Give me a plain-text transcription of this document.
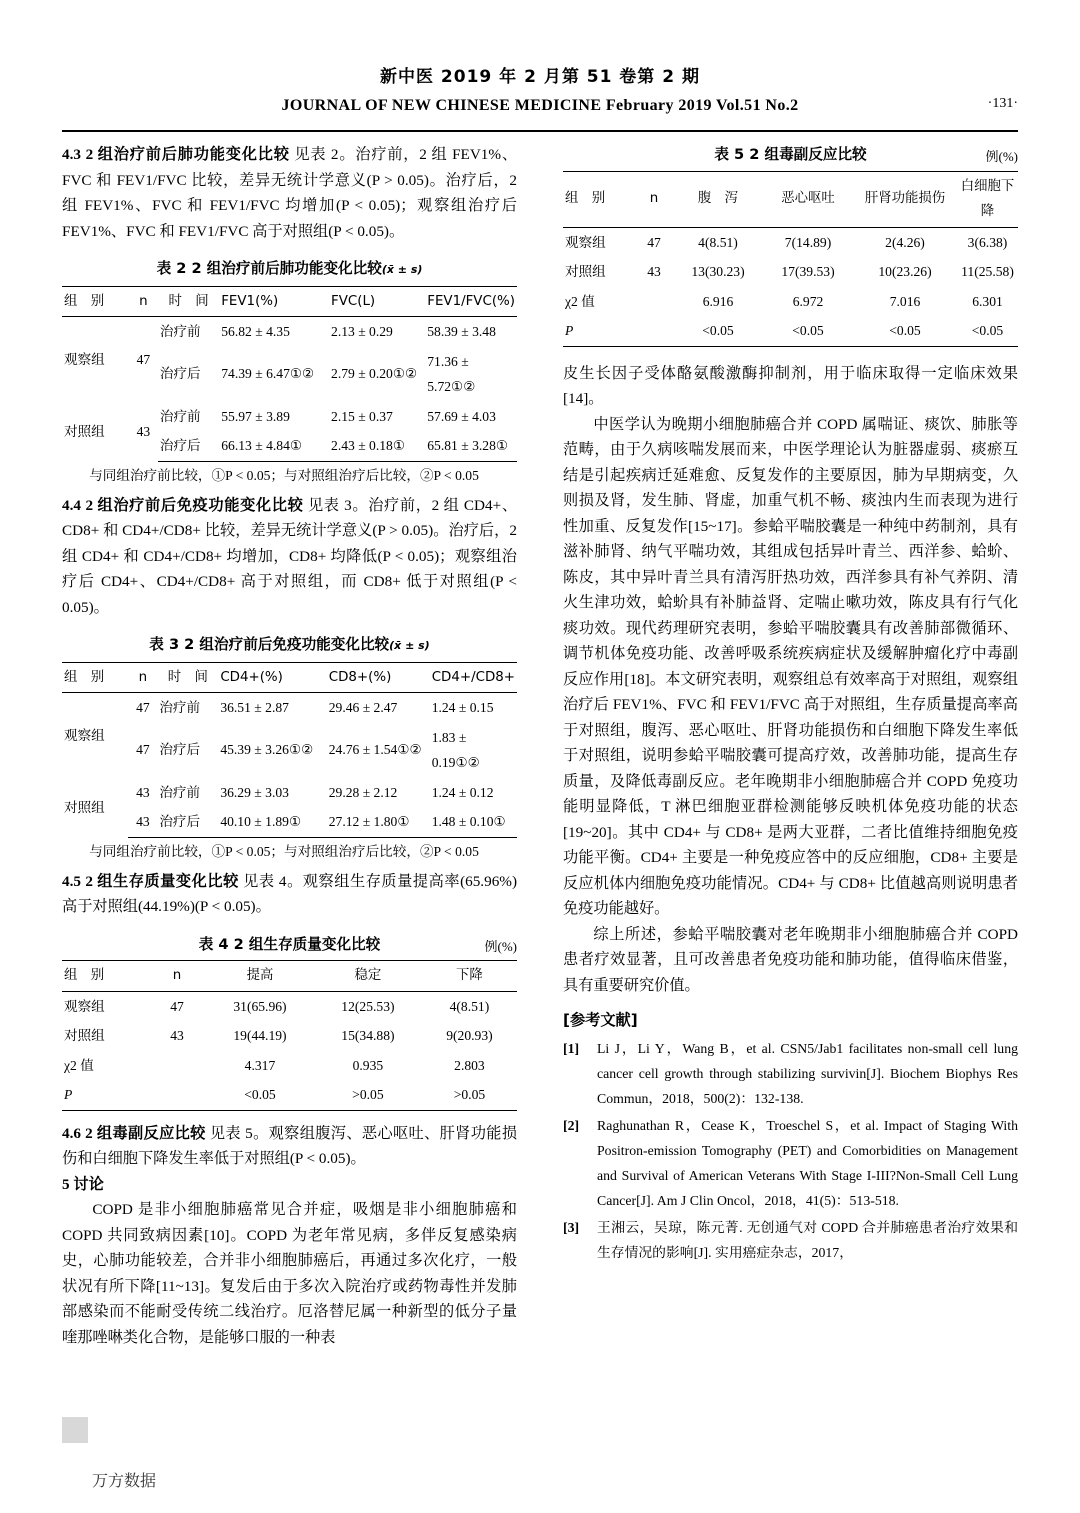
新中医 2019 年 2 月第 51 卷第 2 期
JOURNAL OF NEW CHINESE MEDICINE February 2019 Vol.51 No.2	·131·

4.3 2 组治疗前后肺功能变化比较 见表 2。治疗前，2 组 FEV1%、FVC 和 FEV1/FVC 比较，差异无统计学意义(P > 0.05)。治疗后，2 组 FEV1%、FVC 和 FEV1/FVC 均增加(P < 0.05)；观察组治疗后 FEV1%、FVC 和 FEV1/FVC 高于对照组(P < 0.05)。

表 2 2 组治疗前后肺功能变化比较(x̄ ± s)
组　别	n	时　间	FEV1(%)	FVC(L)	FEV1/FVC(%)
观察组	47	治疗前	56.82 ± 4.35	2.13 ± 0.29	58.39 ± 3.48
		治疗后	74.39 ± 6.47①②	2.79 ± 0.20①②	71.36 ± 5.72①②
对照组	43	治疗前	55.97 ± 3.89	2.15 ± 0.37	57.69 ± 4.03
		治疗后	66.13 ± 4.84①	2.43 ± 0.18①	65.81 ± 3.28①
与同组治疗前比较，①P < 0.05；与对照组治疗后比较，②P < 0.05

4.4 2 组治疗前后免疫功能变化比较 见表 3。治疗前，2 组 CD4+、CD8+ 和 CD4+/CD8+ 比较，差异无统计学意义(P > 0.05)。治疗后，2 组 CD4+ 和 CD4+/CD8+ 均增加，CD8+ 均降低(P < 0.05)；观察组治疗后 CD4+、CD4+/CD8+ 高于对照组，而 CD8+ 低于对照组(P < 0.05)。

表 3 2 组治疗前后免疫功能变化比较(x̄ ± s)
组　别	n	时　间	CD4+(%)	CD8+(%)	CD4+/CD8+
观察组	47	治疗前	36.51 ± 2.87	29.46 ± 2.47	1.24 ± 0.15
	47	治疗后	45.39 ± 3.26①②	24.76 ± 1.54①②	1.83 ± 0.19①②
对照组	43	治疗前	36.29 ± 3.03	29.28 ± 2.12	1.24 ± 0.12
	43	治疗后	40.10 ± 1.89①	27.12 ± 1.80①	1.48 ± 0.10①
与同组治疗前比较，①P < 0.05；与对照组治疗后比较，②P < 0.05

4.5 2 组生存质量变化比较 见表 4。观察组生存质量提高率(65.96%)高于对照组(44.19%)(P < 0.05)。

表 4 2 组生存质量变化比较	例(%)
组　别	n	提高	稳定	下降
观察组	47	31(65.96)	12(25.53)	4(8.51)
对照组	43	19(44.19)	15(34.88)	9(20.93)
χ2 值		4.317	0.935	2.803
P		<0.05	>0.05	>0.05

4.6 2 组毒副反应比较 见表 5。观察组腹泻、恶心呕吐、肝肾功能损伤和白细胞下降发生率低于对照组(P < 0.05)。

5 讨论

COPD 是非小细胞肺癌常见合并症，吸烟是非小细胞肺癌和 COPD 共同致病因素[10]。COPD 为老年常见病，多伴反复感染病史，心肺功能较差，合并非小细胞肺癌后，再通过多次化疗，一般状况有所下降[11~13]。复发后由于多次入院治疗或药物毒性并发肺部感染而不能耐受传统二线治疗。厄洛替尼属一种新型的低分子量喹那唑啉类化合物，是能够口服的一种表

表 5 2 组毒副反应比较	例(%)
组　别	n	腹　泻	恶心呕吐	肝肾功能损伤	白细胞下降
观察组	47	4(8.51)	7(14.89)	2(4.26)	3(6.38)
对照组	43	13(30.23)	17(39.53)	10(23.26)	11(25.58)
χ2 值		6.916	6.972	7.016	6.301
P		<0.05	<0.05	<0.05	<0.05

皮生长因子受体酪氨酸激酶抑制剂，用于临床取得一定临床效果[14]。

中医学认为晚期小细胞肺癌合并 COPD 属喘证、痰饮、肺胀等范畴，由于久病咳喘发展而来，中医学理论认为脏器虚弱、痰瘀互结是引起疾病迁延难愈、反复发作的主要原因，肺为早期病变，久则损及肾，发生肺、肾虚，加重气机不畅、痰浊内生而表现为进行性加重、反复发作[15~17]。参蛤平喘胶囊是一种纯中药制剂，具有滋补肺肾、纳气平喘功效，其组成包括异叶青兰、西洋参、蛤蚧、陈皮，其中异叶青兰具有清泻肝热功效，西洋参具有补气养阴、清火生津功效，蛤蚧具有补肺益肾、定喘止嗽功效，陈皮具有行气化痰功效。现代药理研究表明，参蛤平喘胶囊具有改善肺部微循环、调节机体免疫功能、改善呼吸系统疾病症状及缓解肿瘤化疗中毒副反应作用[18]。本文研究表明，观察组总有效率高于对照组，观察组治疗后 FEV1%、FVC 和 FEV1/FVC 高于对照组，生存质量提高率高于对照组，腹泻、恶心呕吐、肝肾功能损伤和白细胞下降发生率低于对照组，说明参蛤平喘胶囊可提高疗效，改善肺功能，提高生存质量，及降低毒副反应。老年晚期非小细胞肺癌合并 COPD 免疫功能明显降低，T 淋巴细胞亚群检测能够反映机体免疫功能的状态[19~20]。其中 CD4+ 与 CD8+ 是两大亚群，二者比值维持细胞免疫功能平衡。CD4+ 主要是一种免疫应答中的反应细胞，CD8+ 主要是反应机体内细胞免疫功能情况。CD4+ 与 CD8+ 比值越高则说明患者免疫功能越好。

综上所述，参蛤平喘胶囊对老年晚期非小细胞肺癌合并 COPD 患者疗效显著，且可改善患者免疫功能和肺功能，值得临床借鉴，具有重要研究价值。

[参考文献]

[1]	Li J，Li Y，Wang B，et al. CSN5/Jab1 facilitates non-small cell lung cancer cell growth through stabilizing survivin[J]. Biochem Biophys Res Commun，2018，500(2)：132-138.
[2]	Raghunathan R，Cease K，Troeschel S，et al. Impact of Staging With Positron-emission Tomography (PET) and Comorbidities on Management and Survival of American Veterans With Stage I-III?Non-Small Cell Lung Cancer[J]. Am J Clin Oncol，2018，41(5)：513-518.
[3]	王湘云，吴琼，陈元菁. 无创通气对 COPD 合并肺癌患者治疗效果和生存情况的影响[J]. 实用癌症杂志，2017，
万方数据
